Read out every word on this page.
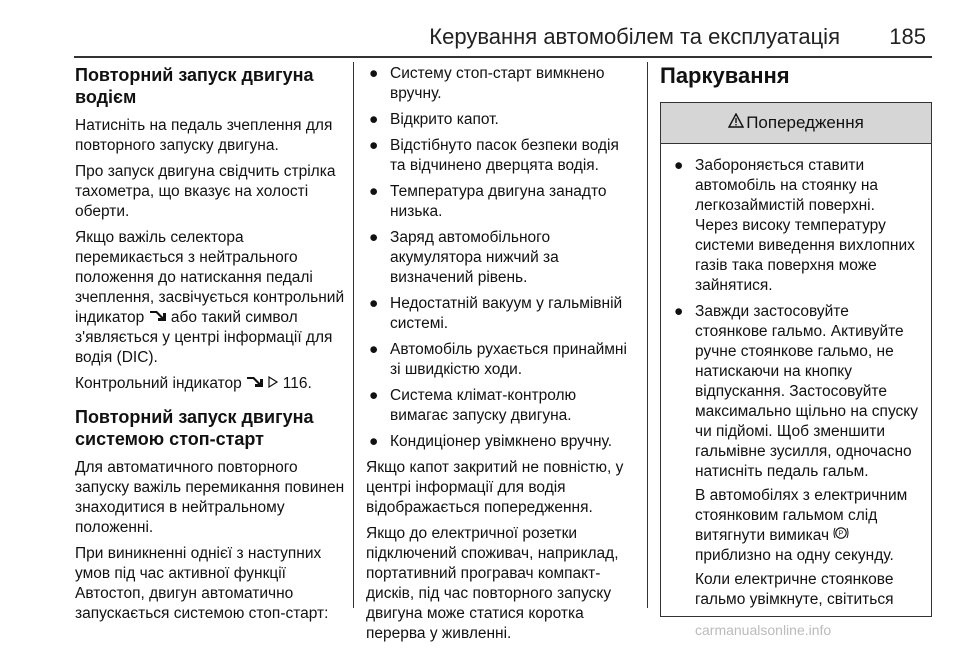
Керування автомобілем та експлуатація 185
Повторний запуск двигуна водієм

Натисніть на педаль зчеплення для повторного запуску двигуна.

Про запуск двигуна свідчить стрілка тахометра, що вказує на холості оберти.

Якщо важіль селектора перемикається з нейтрального положення до натискання педалі зчеплення, засвічується контрольний індикатор або такий символ з'являється у центрі інформації для водія (DIC).

Контрольний індикатор	116.

Повторний запуск двигуна системою стоп-старт

Для автоматичного повторного запуску важіль перемикання повинен знаходитися в нейтральному положенні.

При виникненні однієї з наступних умов під час активної функції Автостоп, двигун автоматично запускається системою стоп-старт:

● Систему стоп-старт вимкнено вручну.
● Відкрито капот.
● Відстібнуто пасок безпеки водія та відчинено дверцята водія.
● Температура двигуна занадто низька.
● Заряд автомобільного акумулятора нижчий за визначений рівень.
● Недостатній вакуум у гальмівній системі.
● Автомобіль рухається принаймні зі швидкістю ходи.
● Система клімат-контролю вимагає запуску двигуна.
● Кондиціонер увімкнено вручну.

Якщо капот закритий не повністю, у центрі інформації для водія відображається попередження.

Якщо до електричної розетки підключений споживач, наприклад, портативний програвач компакт-дисків, під час повторного запуску двигуна може статися коротка перерва у живленні.

Паркування
Попередження
● Забороняється ставити автомобіль на стоянку на легкозаймистій поверхні. Через високу температуру системи виведення вихлопних газів така поверхня може зайнятися.
● Завжди застосовуйте стоянкове гальмо. Активуйте ручне стоянкове гальмо, не натискаючи на кнопку відпускання. Застосовуйте максимально щільно на спуску чи підйомі. Щоб зменшити гальмівне зусилля, одночасно натисніть педаль гальм.

В автомобілях з електричним стоянковим гальмом слід витягнути вимикач P
приблизно на одну секунду.

Коли електричне стоянкове гальмо увімкнуте, світиться

carmanualsonline.info
